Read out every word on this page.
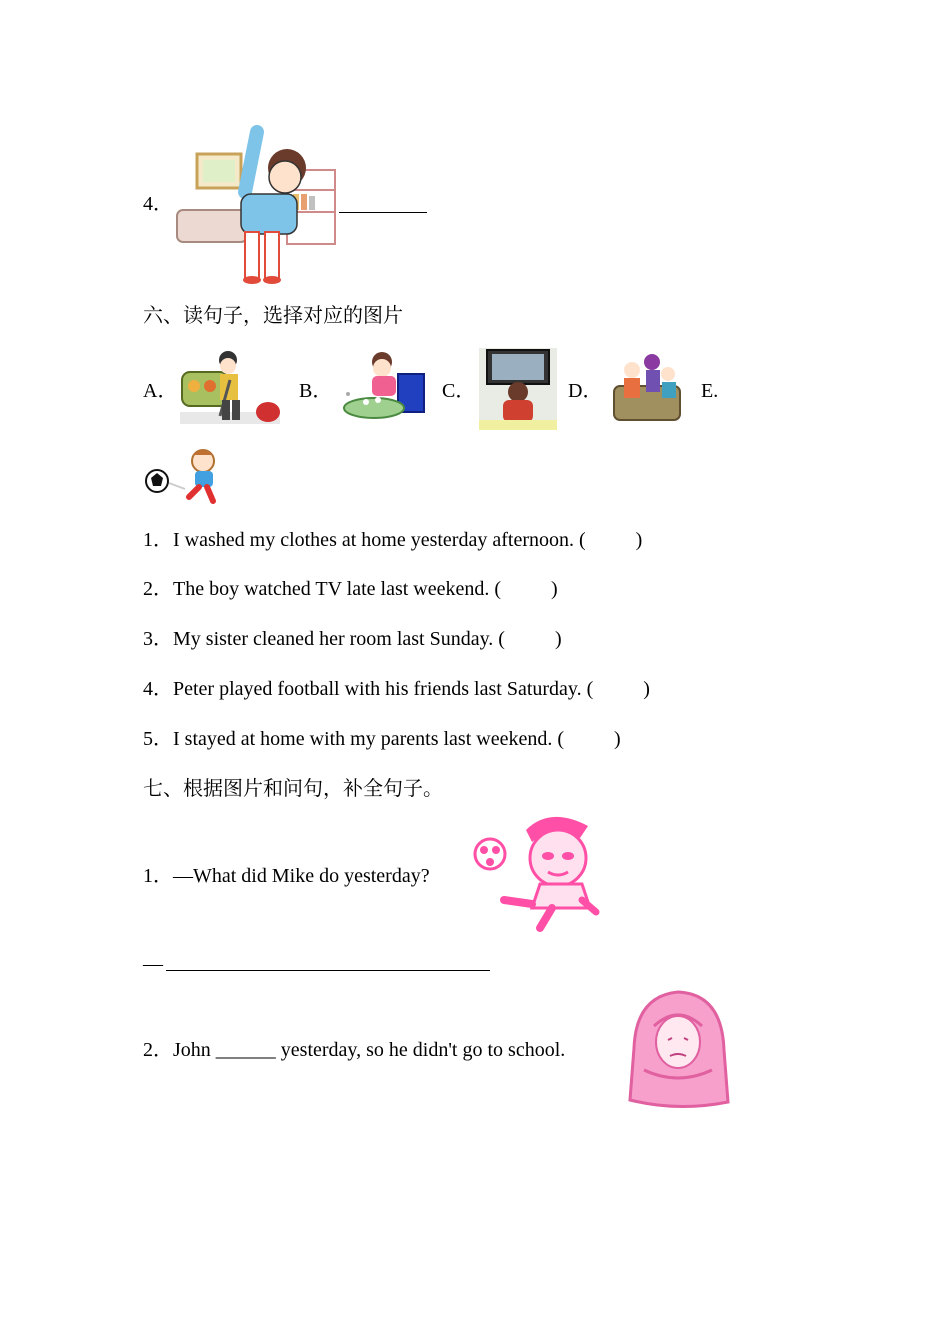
4．
六、读句子，选择对应的图片
A．	B．	C．	D．	E.
1．I washed my clothes at home yesterday afternoon. (          )
2．The boy watched TV late last weekend. (          )
3．My sister cleaned her room last Sunday. (          )
4．Peter played football with his friends last Saturday. (          )
5．I stayed at home with my parents last weekend. (          )
七、根据图片和问句，补全句子。
1．—What did Mike do yesterday?
—
2．John ______ yesterday, so he didn't go to school.
